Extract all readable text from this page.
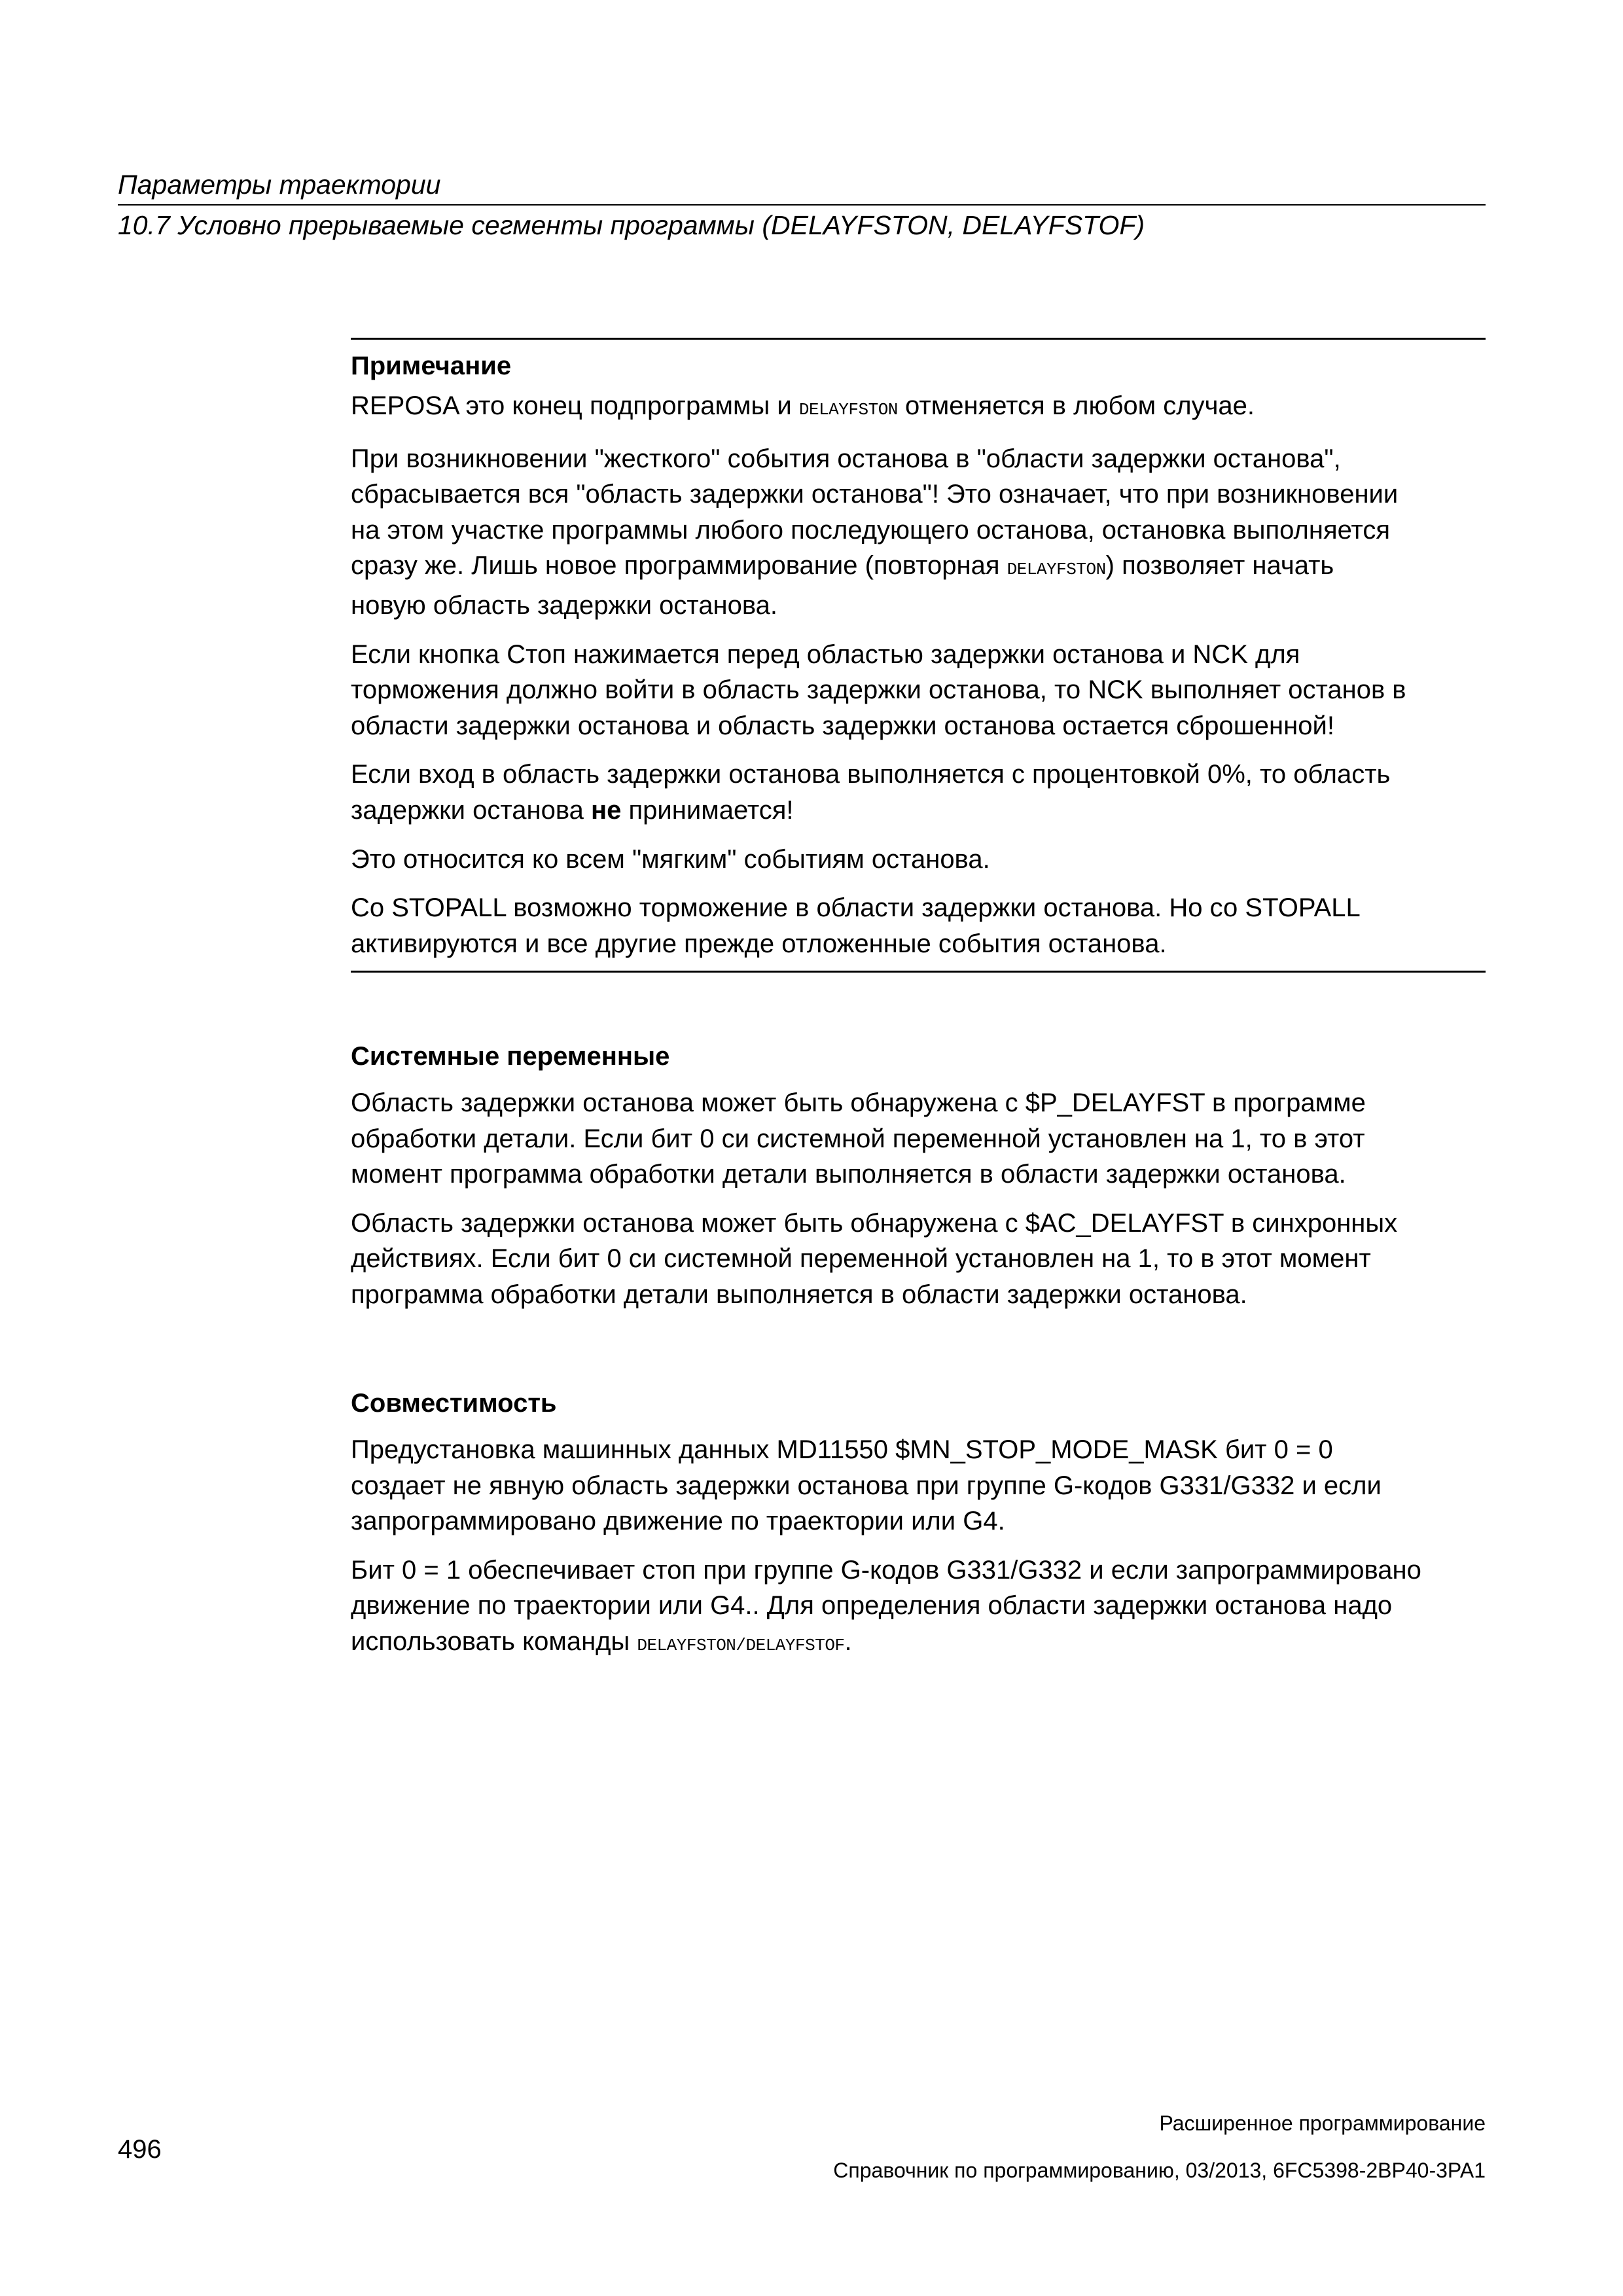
Параметры траектории
10.7 Условно прерываемые сегменты программы (DELAYFSTON, DELAYFSTOF)
Примечание

REPOSA это конец подпрограммы и DELAYFSTON отменяется в любом случае.

При возникновении "жесткого" события останова в "области задержки останова",
сбрасывается вся "область задержки останова"! Это означает, что при возникновении
на этом участке программы любого последующего останова, остановка выполняется
сразу же. Лишь новое программирование (повторная DELAYFSTON) позволяет начать
новую область задержки останова.

Если кнопка Стоп нажимается перед областью задержки останова и NCK для
торможения должно войти в область задержки останова, то NCK выполняет останов в
области задержки останова и область задержки останова остается сброшенной!

Если вход в область задержки останова выполняется с процентовкой 0%, то область
задержки останова не принимается!

Это относится ко всем "мягким" событиям останова.

Со STOPALL возможно торможение в области задержки останова. Но со STOPALL
активируются и все другие прежде отложенные события останова.

Системные переменные

Область задержки останова может быть обнаружена с $P_DELAYFST в программе
обработки детали. Если бит 0 си системной переменной установлен на 1, то в этот
момент программа обработки детали выполняется в области задержки останова.

Область задержки останова может быть обнаружена с $AC_DELAYFST в синхронных
действиях. Если бит 0 си системной переменной установлен на 1, то в этот момент
программа обработки детали выполняется в области задержки останова.

Совместимость

Предустановка машинных данных MD11550 $MN_STOP_MODE_MASK бит 0 = 0
создает не явную область задержки останова при группе G-кодов G331/G332 и если
запрограммировано движение по траектории или G4.

Бит 0 = 1 обеспечивает стоп при группе G-кодов G331/G332 и если запрограммировано
движение по траектории или G4.. Для определения области задержки останова надо
использовать команды DELAYFSTON/DELAYFSTOF.

Расширенное программирование
Справочник по программированию, 03/2013, 6FC5398-2BP40-3PA1
496
